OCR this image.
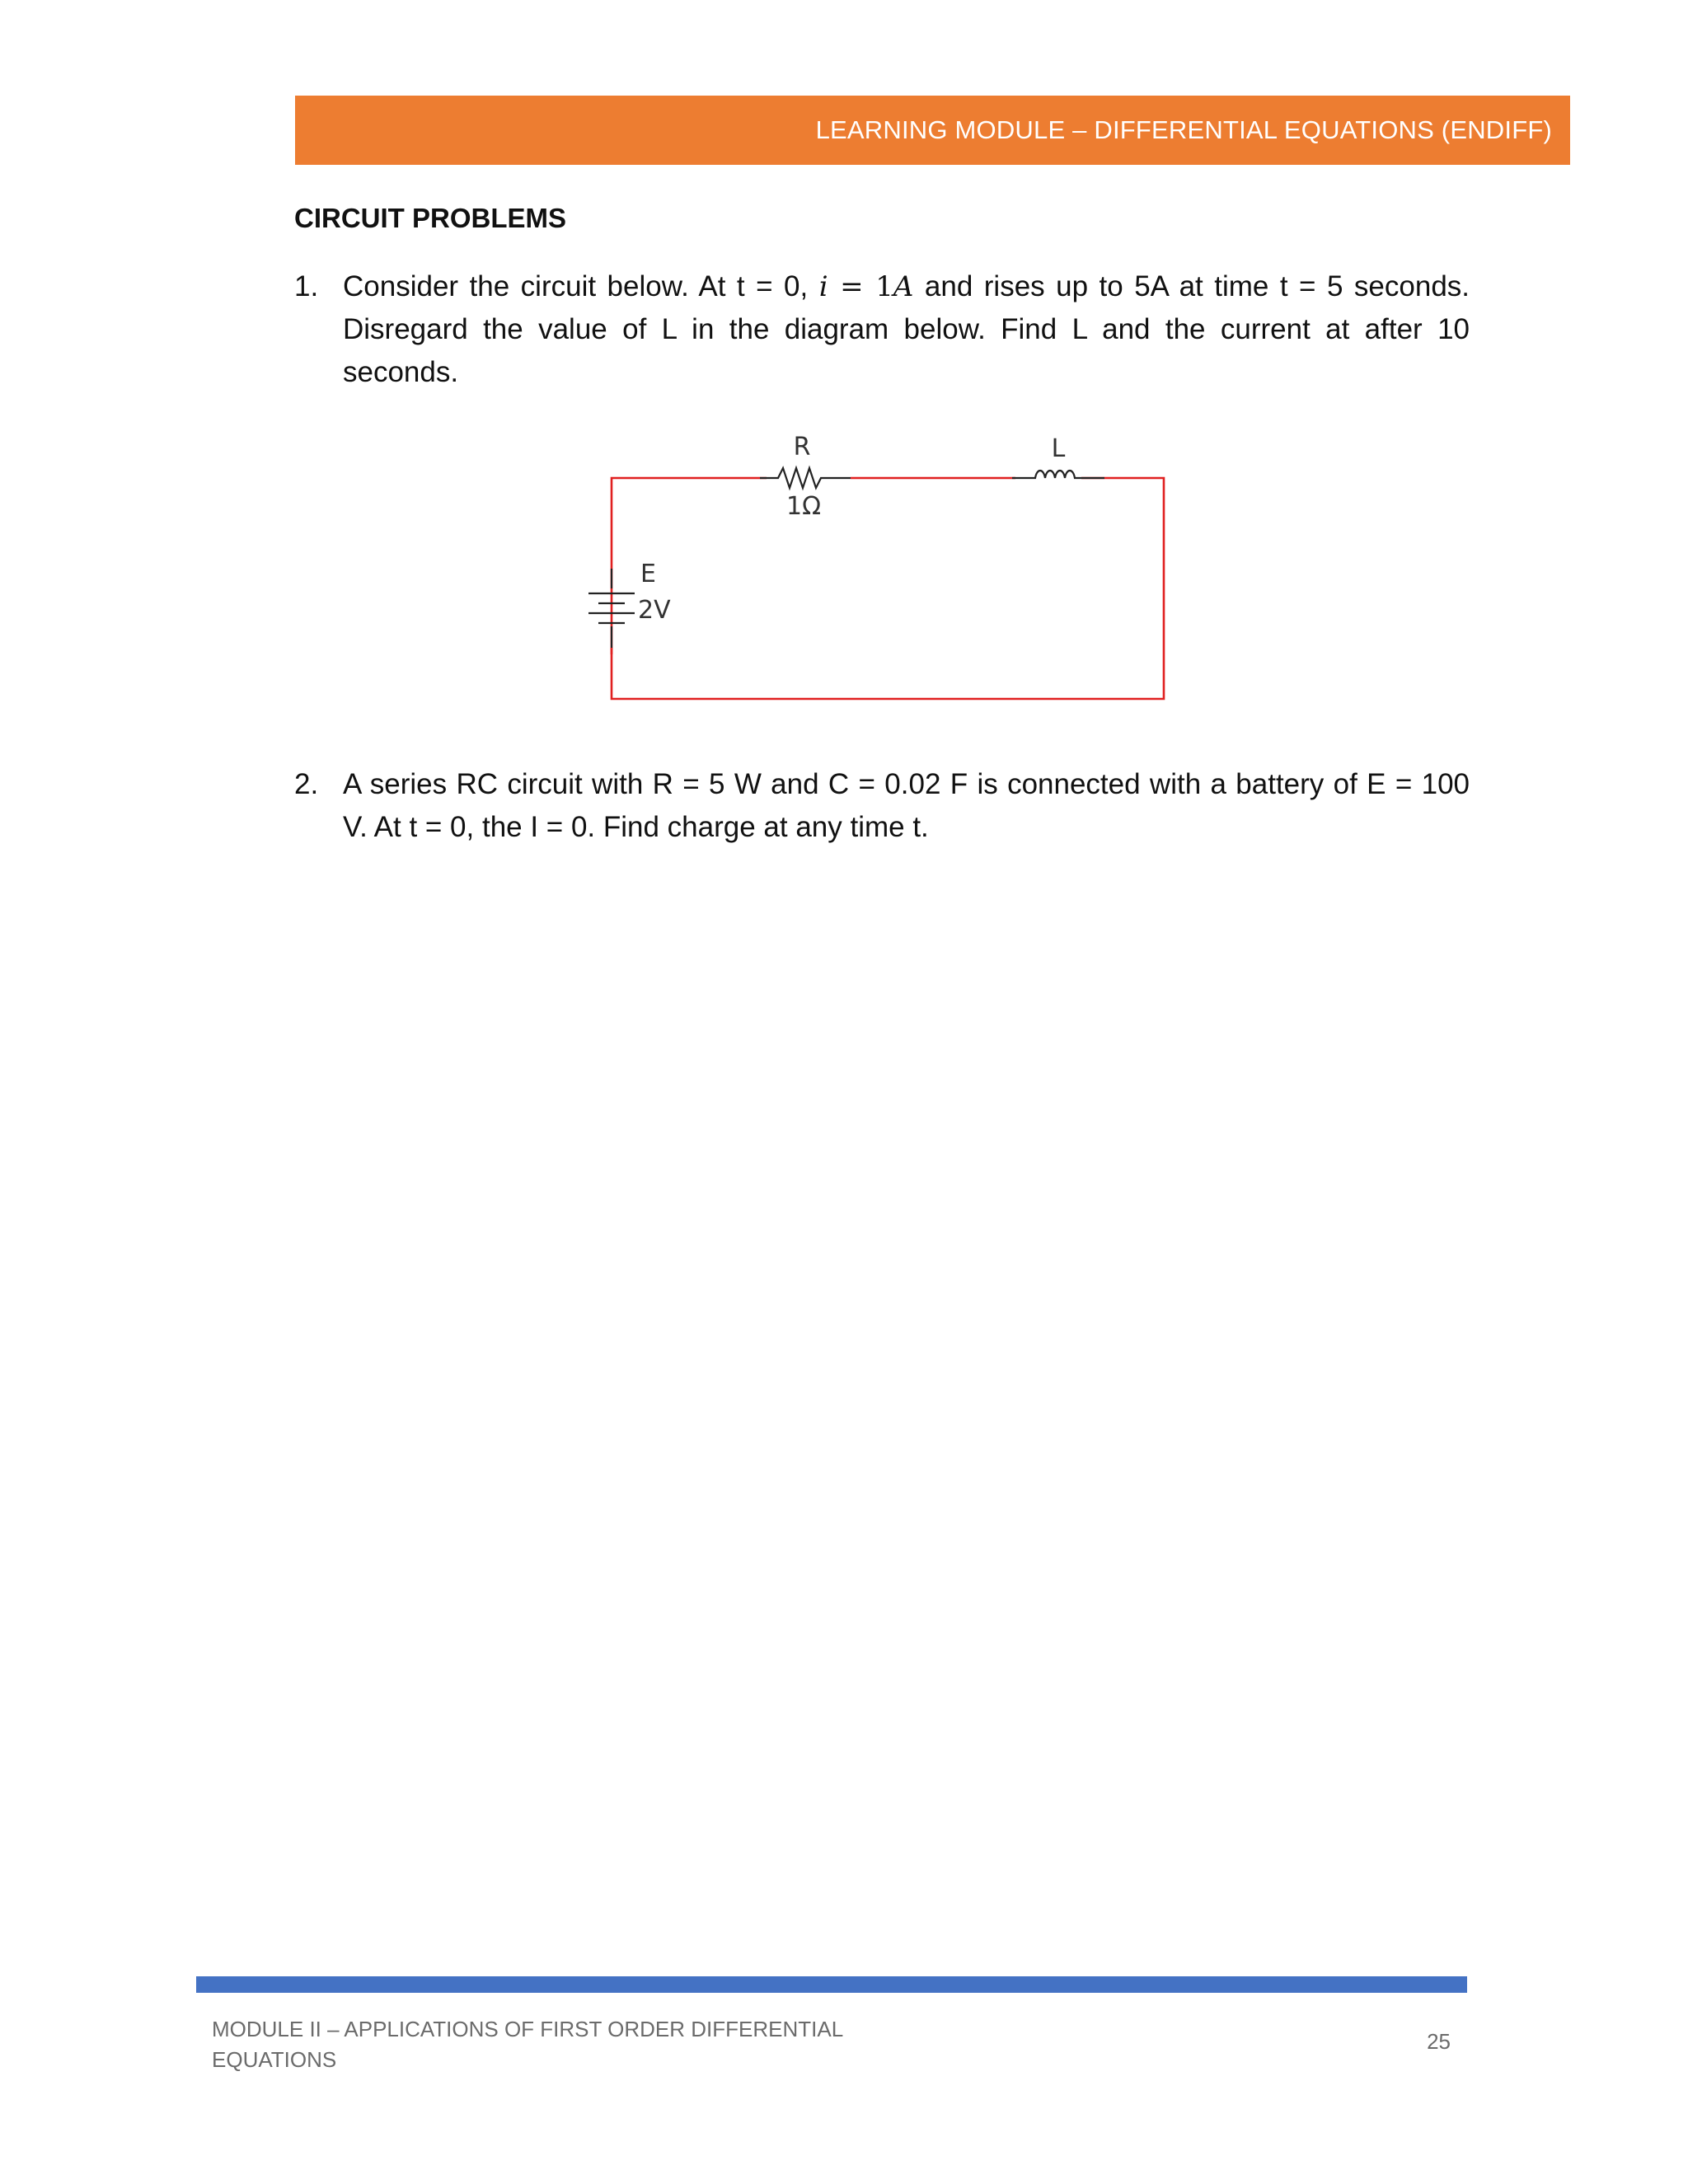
LEARNING MODULE – DIFFERENTIAL EQUATIONS (ENDIFF)
CIRCUIT PROBLEMS
1. Consider the circuit below. At t = 0, i = 1A and rises up to 5A at time t = 5 seconds. Disregard the value of L in the diagram below. Find L and the current at after 10 seconds.
R
1Ω
L
E
2V
2. A series RC circuit with R = 5 W and C = 0.02 F is connected with a battery of E = 100 V. At t = 0, the I = 0. Find charge at any time t.
MODULE II – APPLICATIONS OF FIRST ORDER DIFFERENTIAL
EQUATIONS
25
